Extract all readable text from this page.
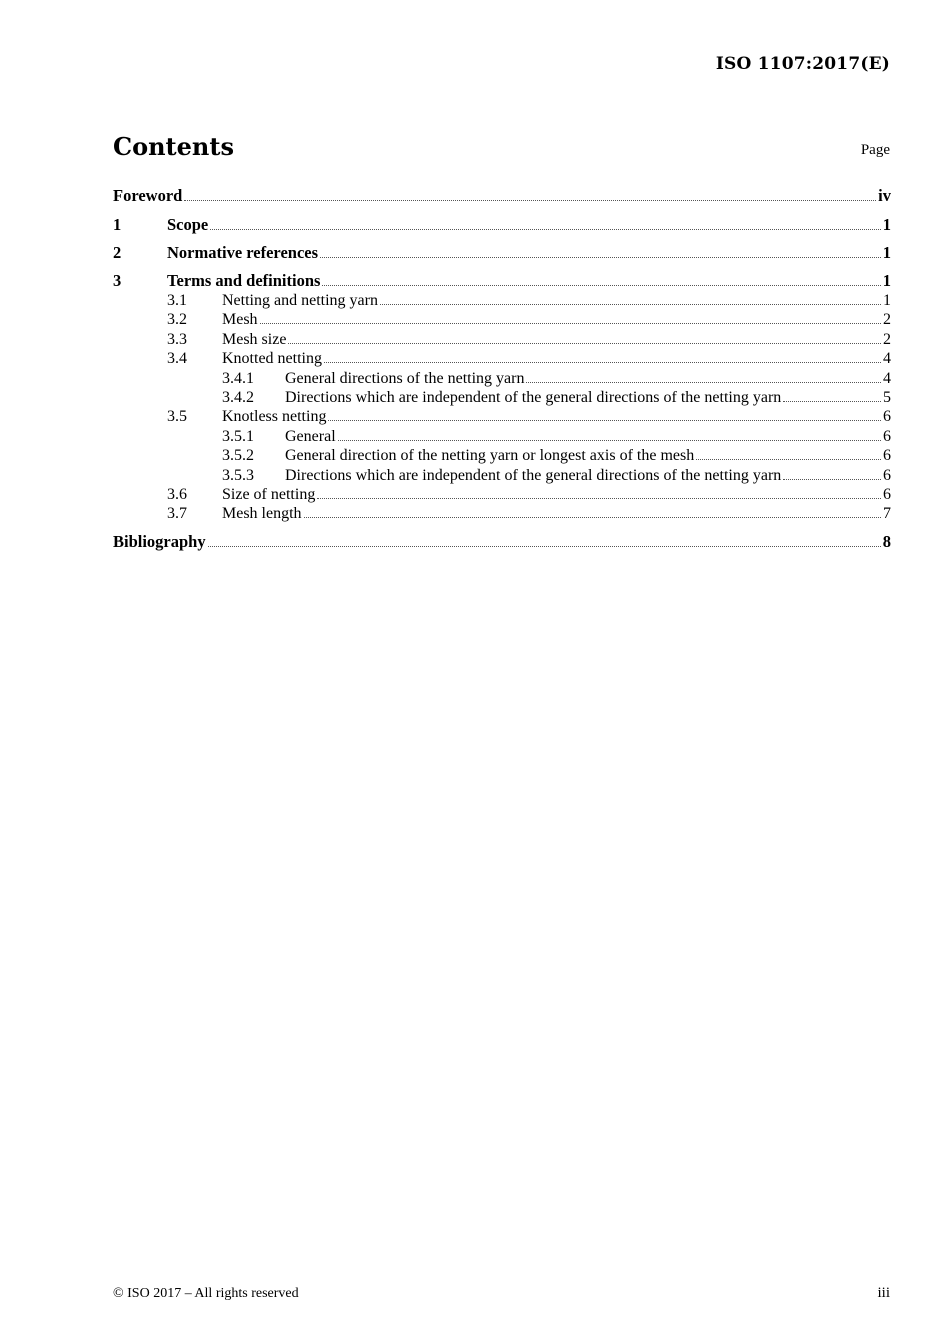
ISO 1107:2017(E)
Contents	Page
Foreword	iv
1	Scope	1
2	Normative references	1
3	Terms and definitions	1
3.1	Netting and netting yarn	1
3.2	Mesh	2
3.3	Mesh size	2
3.4	Knotted netting	4
3.4.1	General directions of the netting yarn	4
3.4.2	Directions which are independent of the general directions of the netting yarn	5
3.5	Knotless netting	6
3.5.1	General	6
3.5.2	General direction of the netting yarn or longest axis of the mesh	6
3.5.3	Directions which are independent of the general directions of the netting yarn	6
3.6	Size of netting	6
3.7	Mesh length	7
Bibliography	8
© ISO 2017 – All rights reserved	iii
